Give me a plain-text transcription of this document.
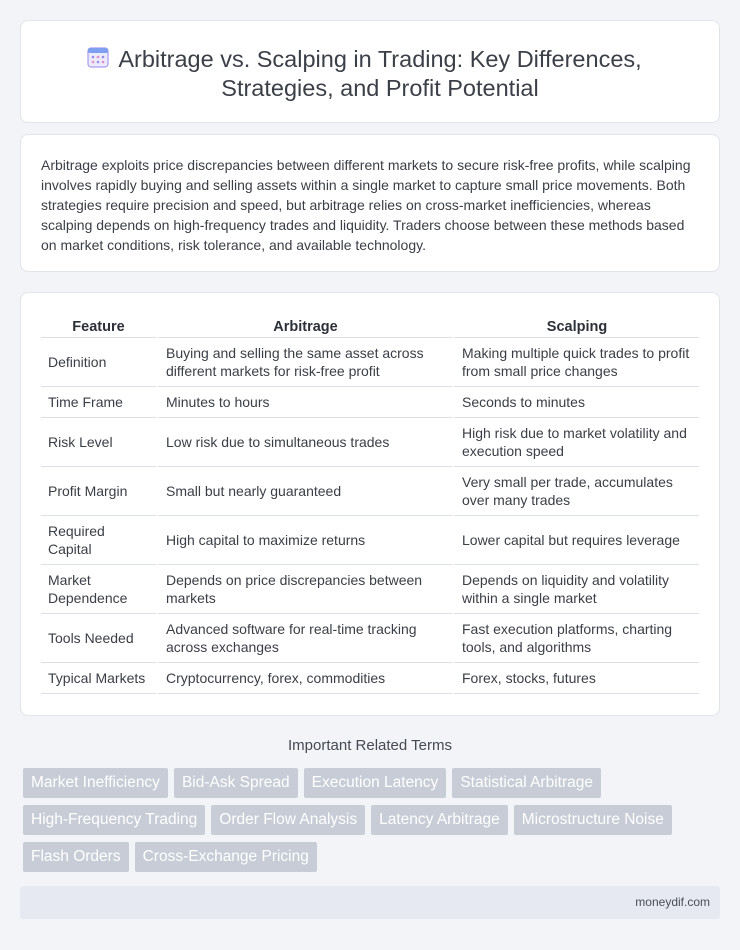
Arbitrage vs. Scalping in Trading: Key Differences, Strategies, and Profit Potential

Arbitrage exploits price discrepancies between different markets to secure risk-free profits, while scalping involves rapidly buying and selling assets within a single market to capture small price movements. Both strategies require precision and speed, but arbitrage relies on cross-market inefficiencies, whereas scalping depends on high-frequency trades and liquidity. Traders choose between these methods based on market conditions, risk tolerance, and available technology.

Feature	Arbitrage	Scalping
Definition	Buying and selling the same asset across different markets for risk-free profit	Making multiple quick trades to profit from small price changes
Time Frame	Minutes to hours	Seconds to minutes
Risk Level	Low risk due to simultaneous trades	High risk due to market volatility and execution speed
Profit Margin	Small but nearly guaranteed	Very small per trade, accumulates over many trades
Required Capital	High capital to maximize returns	Lower capital but requires leverage
Market Dependence	Depends on price discrepancies between markets	Depends on liquidity and volatility within a single market
Tools Needed	Advanced software for real-time tracking across exchanges	Fast execution platforms, charting tools, and algorithms
Typical Markets	Cryptocurrency, forex, commodities	Forex, stocks, futures
Important Related Terms
Market Inefficiency	Bid-Ask Spread	Execution Latency	Statistical Arbitrage
High-Frequency Trading	Order Flow Analysis	Latency Arbitrage	Microstructure Noise
Flash Orders	Cross-Exchange Pricing
moneydif.com
